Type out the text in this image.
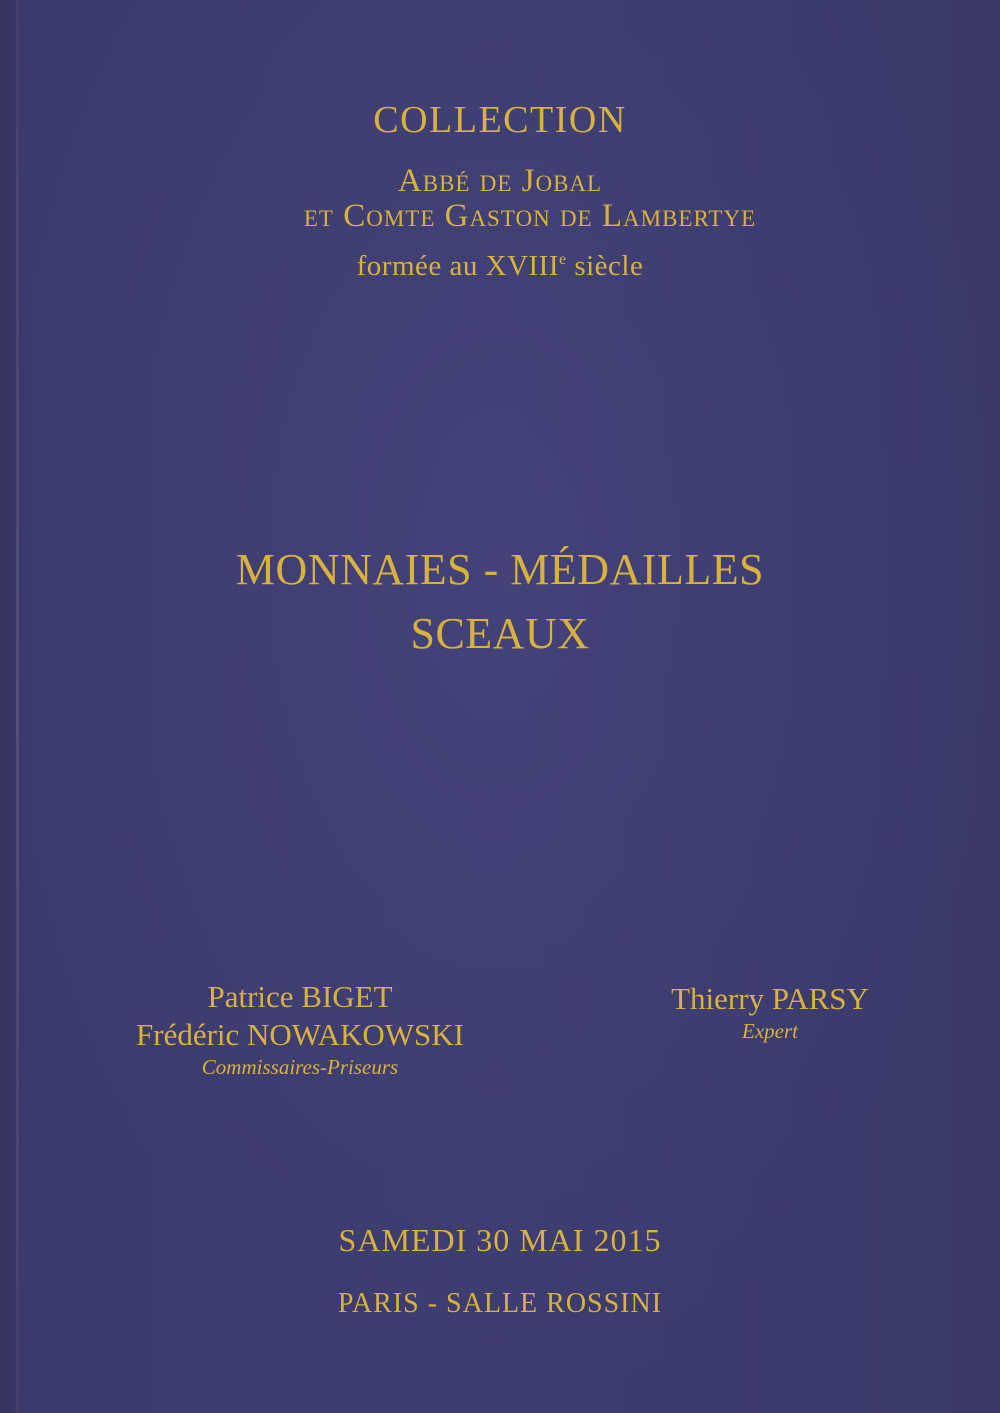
COLLECTION
Abbé de Jobal
et Comte Gaston de Lambertye
formée au XVIIIe siècle
MONNAIES - MÉDAILLES
SCEAUX
Patrice BIGET
Frédéric NOWAKOWSKI
Commissaires-Priseurs
Thierry PARSY
Expert
SAMEDI 30 MAI 2015
PARIS - SALLE ROSSINI
